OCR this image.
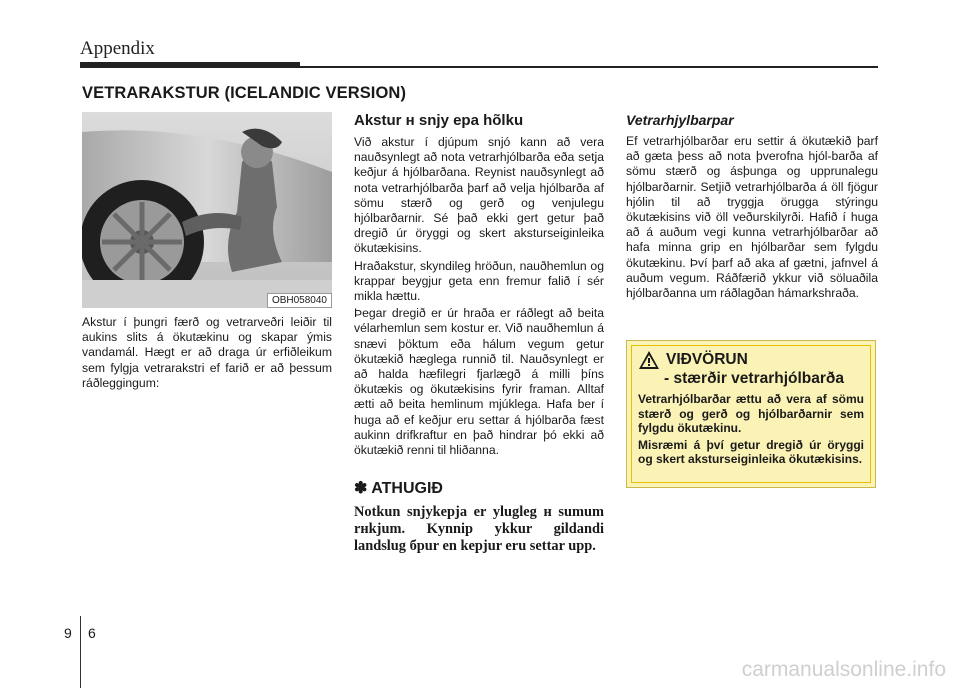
Appendix
VETRARAKSTUR (ICELANDIC VERSION)
OBH058040

Akstur í þungri færð og vetrarveðri leiðir til aukins slits á ökutækinu og skapar ýmis vandamál. Hægt er að draga úr erfiðleikum sem fylgja vetrarakstri ef farið er að þessum ráðleggingum:

Akstur н snjy epa hõlku

Við akstur í djúpum snjó kann að vera nauðsynlegt að nota vetrarhjólbarða eða setja keðjur á hjólbarðana. Reynist nauðsynlegt að nota vetrarhjólbarða þarf að velja hjólbarða af sömu stærð og gerð og venjulegu hjólbarðarnir. Sé það ekki gert getur það dregið úr öryggi og skert aksturseiginleika ökutækisins.

Hraðakstur, skyndileg hröðun, nauðhemlun og krappar beygjur geta enn fremur falið í sér mikla hættu.

Þegar dregið er úr hraða er ráðlegt að beita vélarhemlun sem kostur er. Við nauðhemlun á snævi þöktum eða hálum vegum getur ökutækið hæglega runnið til. Nauðsynlegt er að halda hæfilegri fjarlægð á milli þíns ökutækis og ökutækisins fyrir framan. Alltaf ætti að beita hemlinum mjúklega. Hafa ber í huga að ef keðjur eru settar á hjólbarða fæst aukinn drifkraftur en það hindrar þó ekki að ökutækið renni til hliðanna.

✽ ATHUGIÐ

Notkun snjykepja er ylugleg н sumum rнkjum. Kynnip ykkur gildandi landslug бpur en kepjur eru settar upp.

Vetrarhjylbarpar

Ef vetrarhjólbarðar eru settir á ökutækið þarf að gæta þess að nota þverofna hjól-barða af sömu stærð og ásþunga og upprunalegu hjólbarðarnir. Setjið vetrarhjólbarða á öll fjögur hjólin til að tryggja örugga stýringu ökutækisins við öll veðurskilyrði. Hafið í huga að á auðum vegi kunna vetrarhjólbarðar að hafa minna grip en hjólbarðar sem fylgdu ökutækinu. Því þarf að aka af gætni, jafnvel á auðum vegum. Ráðfærið ykkur við söluaðila hjólbarðanna um ráðlagðan hámarkshraða.

VIÐVÖRUN
- stærðir vetrarhjólbarða

Vetrarhjólbarðar ættu að vera af sömu stærð og gerð og hjólbarðarnir sem fylgdu ökutækinu.

Misræmi á því getur dregið úr öryggi og skert aksturseiginleika ökutækisins.

9 6
carmanualsonline.info
